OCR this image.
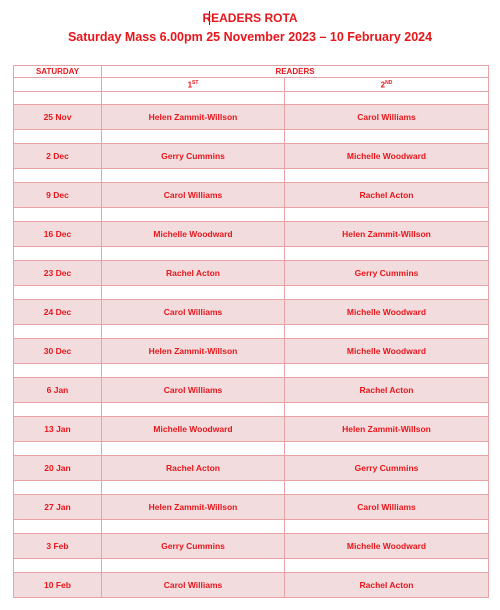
READERS ROTA
Saturday Mass 6.00pm 25 November 2023 – 10 February 2024
SATURDAY	READERS	
	1ST	2ND

25 Nov	Helen Zammit-Willson	Carol Williams

2 Dec	Gerry Cummins	Michelle Woodward

9 Dec	Carol Williams	Rachel Acton

16 Dec	Michelle Woodward	Helen Zammit-Willson

23 Dec	Rachel Acton	Gerry Cummins

24 Dec	Carol Williams	Michelle Woodward

30 Dec	Helen Zammit-Willson	Michelle Woodward

6 Jan	Carol Williams	Rachel Acton

13 Jan	Michelle Woodward	Helen Zammit-Willson

20 Jan	Rachel Acton	Gerry Cummins

27 Jan	Helen Zammit-Willson	Carol Williams

3 Feb	Gerry Cummins	Michelle Woodward

10 Feb	Carol Williams	Rachel Acton
